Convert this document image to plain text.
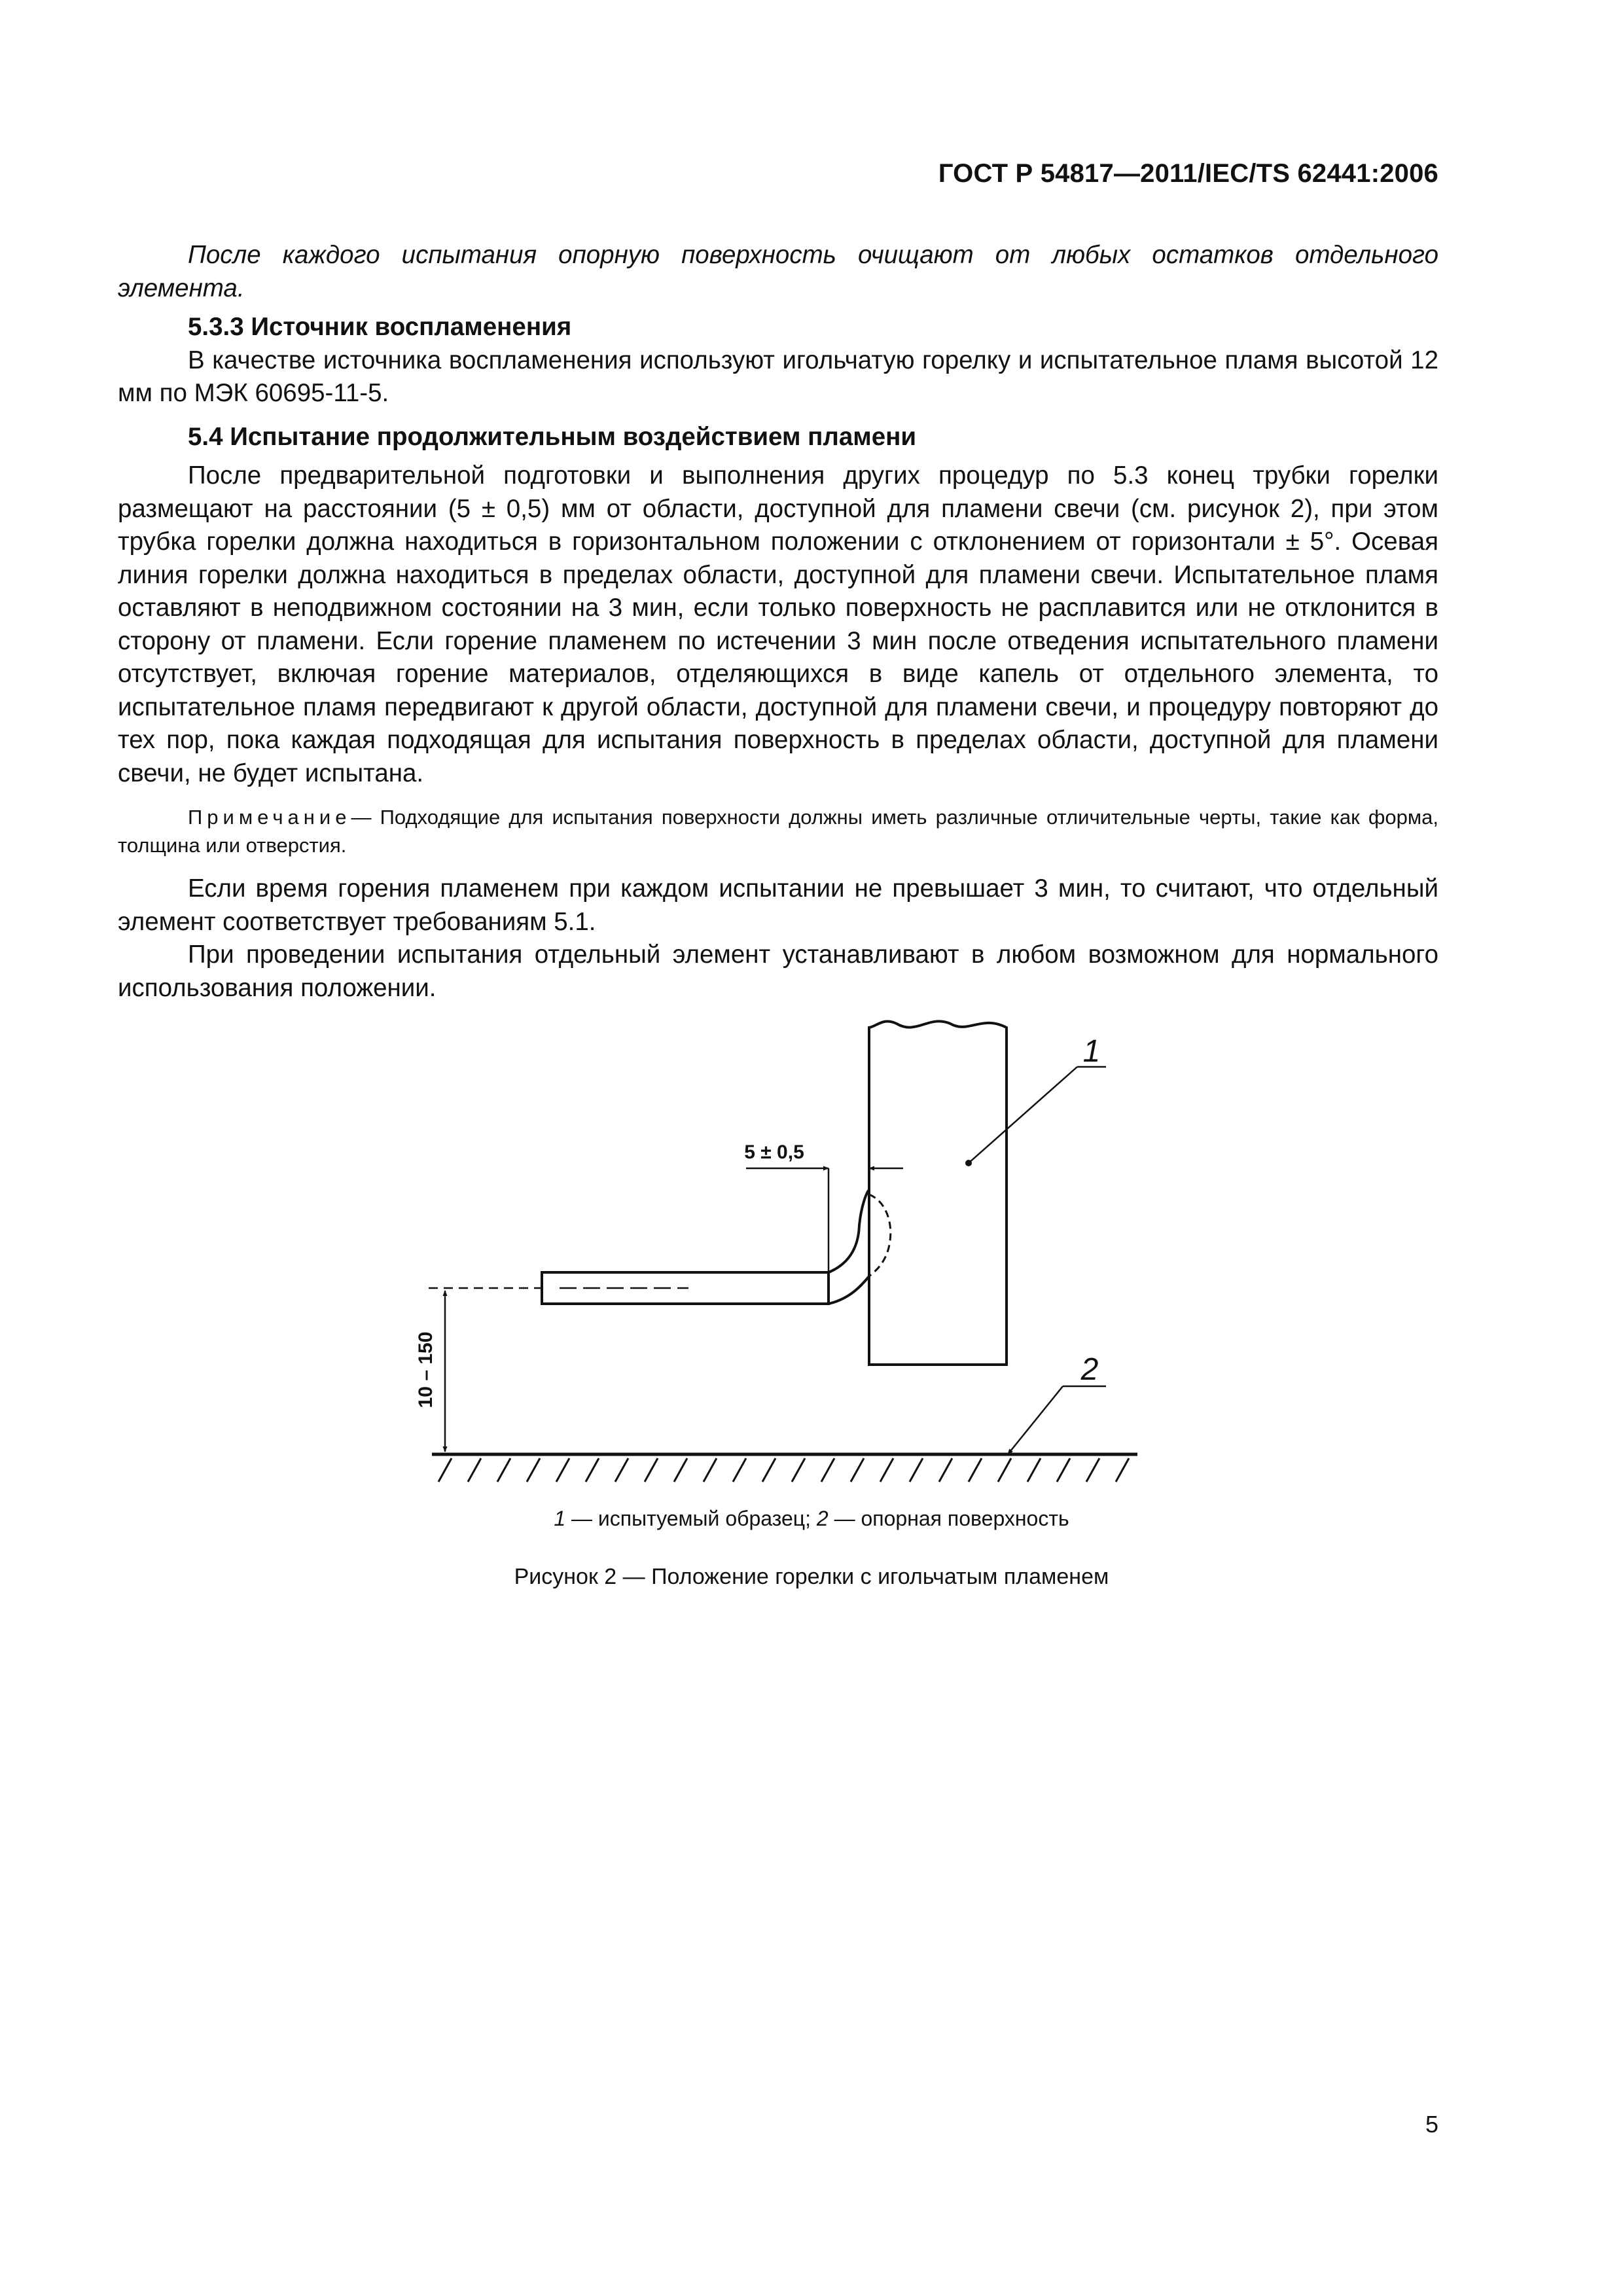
ГОСТ Р 54817—2011/IEC/TS 62441:2006

После каждого испытания опорную поверхность очищают от любых остатков отдельного элемента.

5.3.3 Источник воспламенения

В качестве источника воспламенения используют игольчатую горелку и испытательное пламя высотой 12 мм по МЭК 60695-11-5.

5.4 Испытание продолжительным воздействием пламени

После предварительной подготовки и выполнения других процедур по 5.3 конец трубки горелки размещают на расстоянии (5 ± 0,5) мм от области, доступной для пламени свечи (см. рисунок 2), при этом трубка горелки должна находиться в горизонтальном положении с отклонением от горизонтали ± 5°. Осевая линия горелки должна находиться в пределах области, доступной для пламени свечи. Испытательное пламя оставляют в неподвижном состоянии на 3 мин, если только поверхность не расплавится или не отклонится в сторону от пламени. Если горение пламенем по истечении 3 мин после отведения испытательного пламени отсутствует, включая горение материалов, отделяющихся в виде капель от отдельного элемента, то испытательное пламя передвигают к другой области, доступной для пламени свечи, и процедуру повторяют до тех пор, пока каждая подходящая для испытания поверхность в пределах области, доступной для пламени свечи, не будет испытана.

Примечание— Подходящие для испытания поверхности должны иметь различные отличительные черты, такие как форма, толщина или отверстия.

Если время горения пламенем при каждом испытании не превышает 3 мин, то считают, что отдельный элемент соответствует требованиям 5.1.

При проведении испытания отдельный элемент устанавливают в любом возможном для нормального использования положении.

5 ± 0,5
10 – 150
1
2
1 — испытуемый образец; 2 — опорная поверхность
Рисунок 2 — Положение горелки с игольчатым пламенем
5
